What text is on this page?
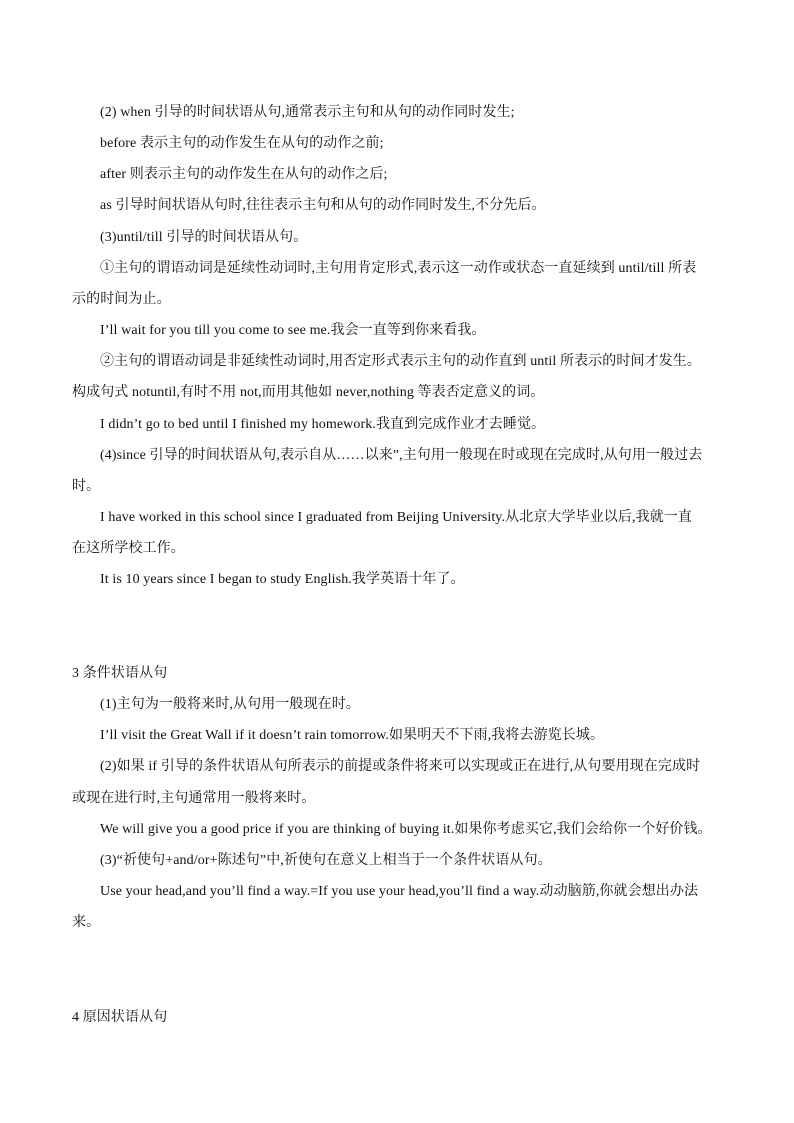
(2) when 引导的时间状语从句,通常表示主句和从句的动作同时发生;
before 表示主句的动作发生在从句的动作之前;
after 则表示主句的动作发生在从句的动作之后;
as 引导时间状语从句时,往往表示主句和从句的动作同时发生,不分先后。
(3)until/till 引导的时间状语从句。
①主句的谓语动词是延续性动词时,主句用肯定形式,表示这一动作或状态一直延续到 until/till 所表
示的时间为止。
I’ll wait for you till you come to see me.我会一直等到你来看我。
②主句的谓语动词是非延续性动词时,用否定形式表示主句的动作直到 until 所表示的时间才发生。
构成句式 notuntil,有时不用 not,而用其他如 never,nothing 等表否定意义的词。
I didn’t go to bed until I finished my homework.我直到完成作业才去睡觉。
(4)since 引导的时间状语从句,表示自从……以来”,主句用一般现在时或现在完成时,从句用一般过去
时。
I have worked in this school since I graduated from Beijing University.从北京大学毕业以后,我就一直
在这所学校工作。
It is 10 years since I began to study English.我学英语十年了。
3 条件状语从句
(1)主句为一般将来时,从句用一般现在时。
I’ll visit the Great Wall if it doesn’t rain tomorrow.如果明天不下雨,我将去游览长城。
(2)如果 if 引导的条件状语从句所表示的前提或条件将来可以实现或正在进行,从句要用现在完成时
或现在进行时,主句通常用一般将来时。
We will give you a good price if you are thinking of buying it.如果你考虑买它,我们会给你一个好价钱。
(3)“祈使句+and/or+陈述句”中,祈使句在意义上相当于一个条件状语从句。
Use your head,and you’ll find a way.=If you use your head,you’ll find a way.动动脑筋,你就会想出办法
来。
4 原因状语从句
